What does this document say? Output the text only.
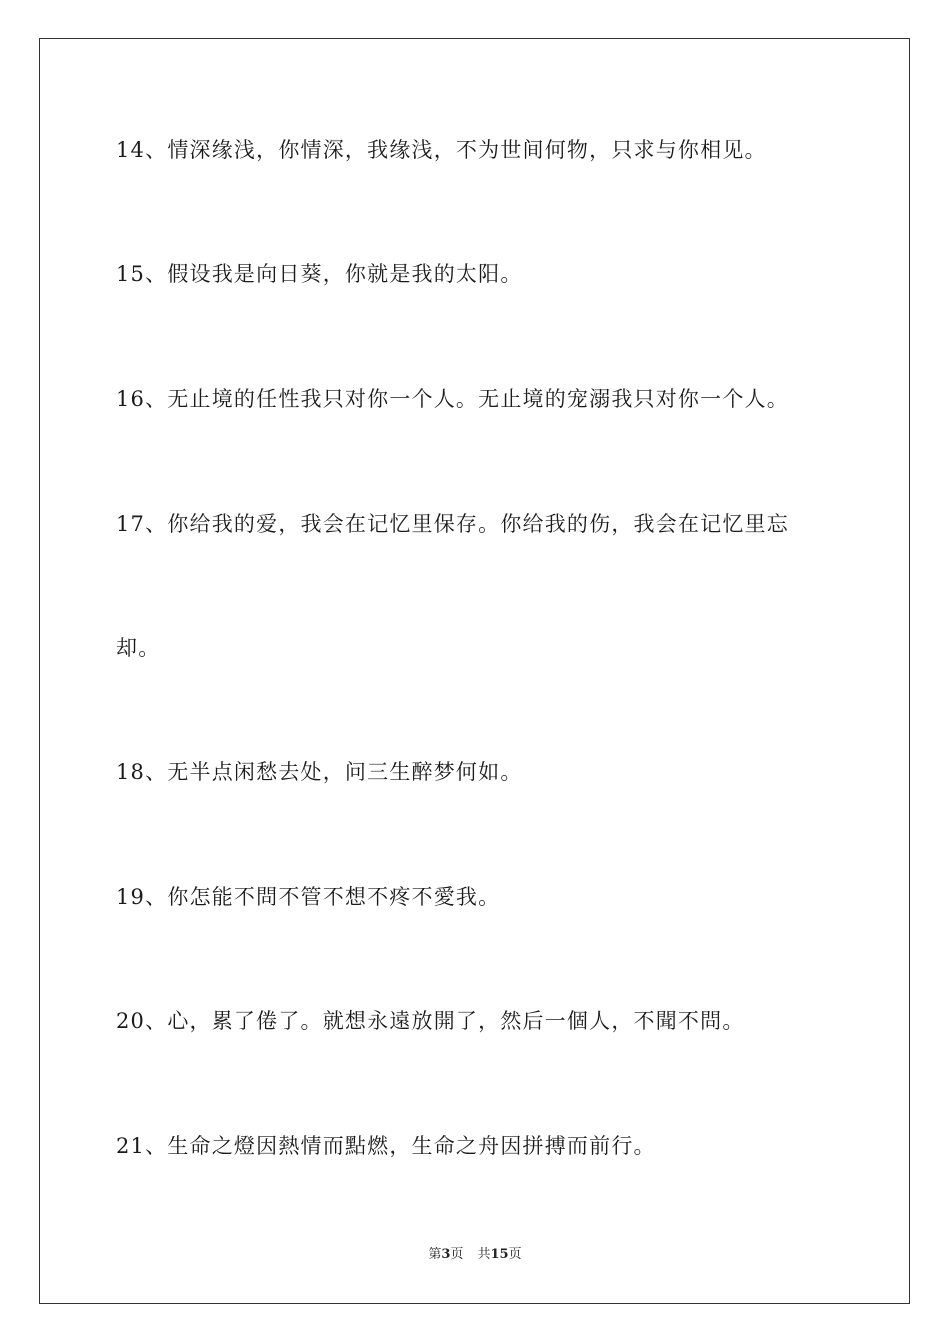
14、情深缘浅，你情深，我缘浅，不为世间何物，只求与你相见。
15、假设我是向日葵，你就是我的太阳。
16、无止境的任性我只对你一个人。无止境的宠溺我只对你一个人。
17、你给我的爱，我会在记忆里保存。你给我的伤，我会在记忆里忘
却。
18、无半点闲愁去处，问三生醉梦何如。
19、你怎能不問不管不想不疼不愛我。
20、心，累了倦了。就想永遠放開了，然后一個人，不聞不問。
21、生命之燈因熱情而點燃，生命之舟因拼搏而前行。
第3页 共15页
